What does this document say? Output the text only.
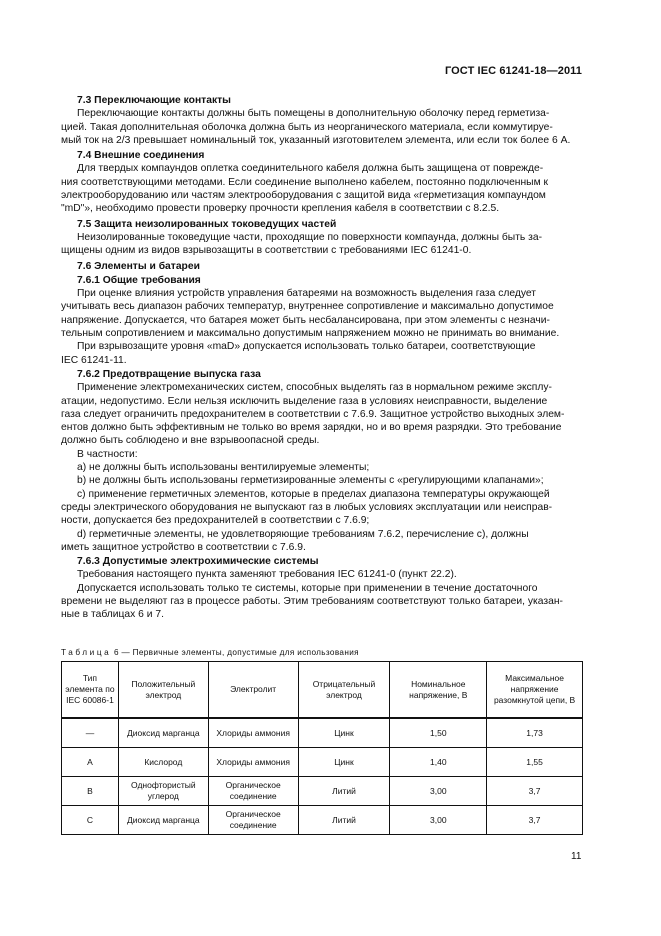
ГОСТ IEC 61241-18—2011

7.3 Переключающие контакты

Переключающие контакты должны быть помещены в дополнительную оболочку перед герметиза-

цией. Такая дополнительная оболочка должна быть из неорганического материала, если коммутируе-

мый ток на 2/3 превышает номинальный ток, указанный изготовителем элемента, или если ток более 6 А.

7.4 Внешние соединения

Для твердых компаундов оплетка соединительного кабеля должна быть защищена от поврежде-

ния соответствующими методами. Если соединение выполнено кабелем, постоянно подключенным к

электрооборудованию или частям электрооборудования с защитой вида «герметизация компаундом

"mD"», необходимо провести проверку прочности крепления кабеля в соответствии с 8.2.5.

7.5 Защита неизолированных токоведущих частей

Неизолированные токоведущие части, проходящие по поверхности компаунда, должны быть за-

щищены одним из видов взрывозащиты в соответствии с требованиями IEC 61241-0.

7.6 Элементы и батареи

7.6.1 Общие требования

При оценке влияния устройств управления батареями на возможность выделения газа следует

учитывать весь диапазон рабочих температур, внутреннее сопротивление и максимально допустимое

напряжение. Допускается, что батарея может быть несбалансирована, при этом элементы с незначи-

тельным сопротивлением и максимально допустимым напряжением можно не принимать во внимание.

При взрывозащите уровня «maD» допускается использовать только батареи, соответствующие

IEC 61241-11.

7.6.2 Предотвращение выпуска газа

Применение электромеханических систем, способных выделять газ в нормальном режиме эксплу-

атации, недопустимо. Если нельзя исключить выделение газа в условиях неисправности, выделение

газа следует ограничить предохранителем в соответствии с 7.6.9. Защитное устройство выходных элем-

ентов должно быть эффективным не только во время зарядки, но и во время разрядки. Это требование

должно быть соблюдено и вне взрывоопасной среды.

В частности:

a) не должны быть использованы вентилируемые элементы;

b) не должны быть использованы герметизированные элементы с «регулирующими клапанами»;

c) применение герметичных элементов, которые в пределах диапазона температуры окружающей

среды электрического оборудования не выпускают газ в любых условиях эксплуатации или неисправ-

ности, допускается без предохранителей в соответствии с 7.6.9;

d) герметичные элементы, не удовлетворяющие требованиям 7.6.2, перечисление c), должны

иметь защитное устройство в соответствии с 7.6.9.

7.6.3 Допустимые электрохимические системы

Требования настоящего пункта заменяют требования IEC 61241-0 (пункт 22.2).

Допускается использовать только те системы, которые при применении в течение достаточного

времени не выделяют газ в процессе работы. Этим требованиям соответствуют только батареи, указан-

ные в таблицах 6 и 7.

Таблица 6 — Первичные элементы, допустимые для использования
Тип элемента по IEC 60086-1	Положительный электрод	Электролит	Отрицательный электрод	Номинальное напряжение, В	Максимальное напряжение разомкнутой цепи, В
—	Диоксид марганца	Хлориды аммония	Цинк	1,50	1,73
A	Кислород	Хлориды аммония	Цинк	1,40	1,55
B	Однофтористый углерод	Органическое соединение	Литий	3,00	3,7
C	Диоксид марганца	Органическое соединение	Литий	3,00	3,7
11
